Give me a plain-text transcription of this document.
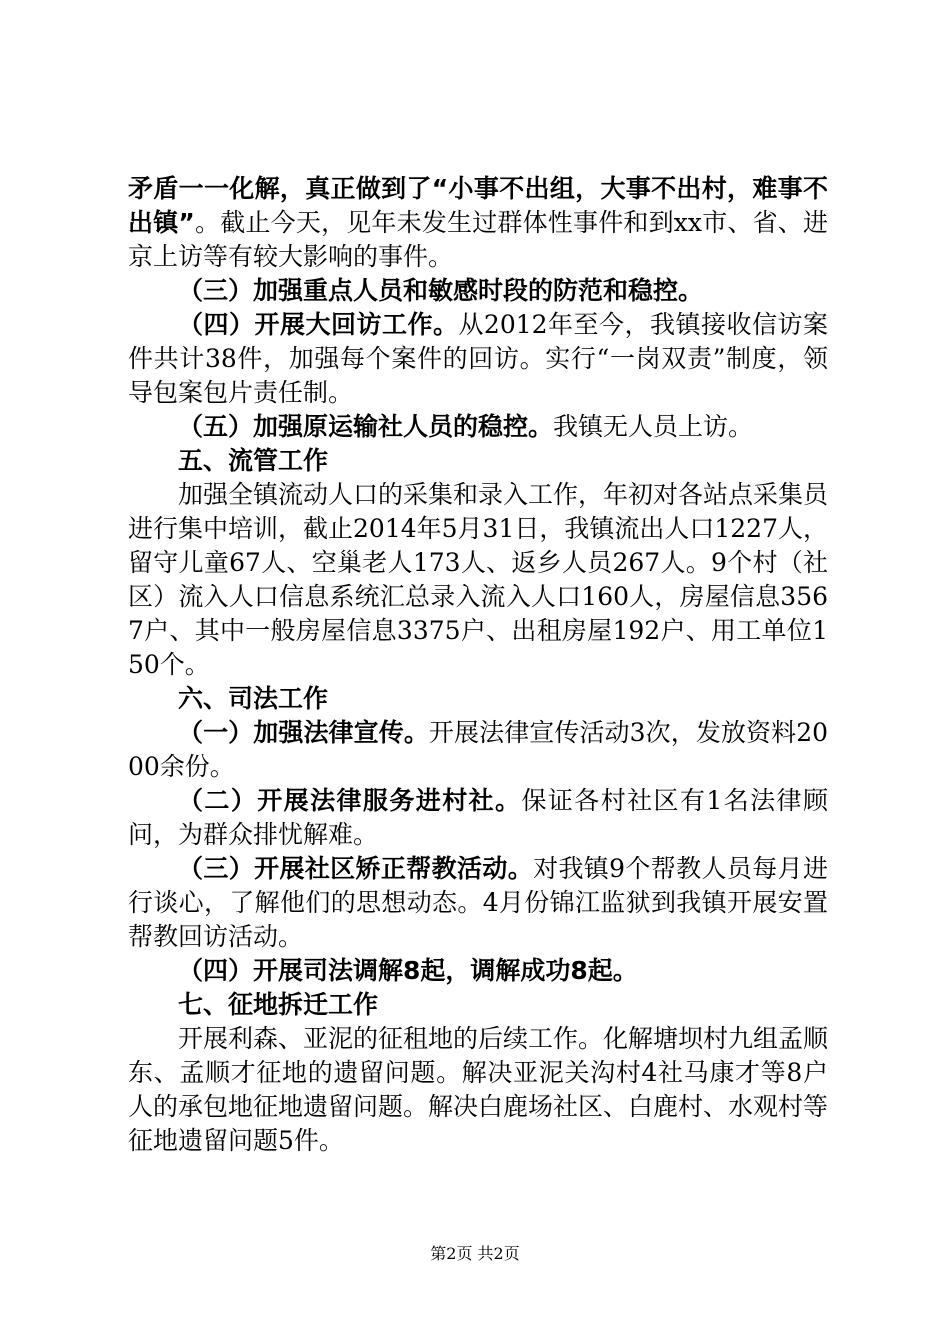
矛盾一一化解，真正做到了“小事不出组，大事不出村，难事不出镇”。截止今天，见年未发生过群体性事件和到xx市、省、进京上访等有较大影响的事件。

（三）加强重点人员和敏感时段的防范和稳控。

（四）开展大回访工作。从2012年至今，我镇接收信访案件共计38件，加强每个案件的回访。实行“一岗双责”制度，领导包案包片责任制。

（五）加强原运输社人员的稳控。我镇无人员上访。

五、流管工作

加强全镇流动人口的采集和录入工作，年初对各站点采集员进行集中培训，截止2014年5月31日，我镇流出人口1227人，留守儿童67人、空巢老人173人、返乡人员267人。9个村（社区）流入人口信息系统汇总录入流入人口160人，房屋信息3567户、其中一般房屋信息3375户、出租房屋192户、用工单位150个。

六、司法工作

（一）加强法律宣传。开展法律宣传活动3次，发放资料2000余份。

（二）开展法律服务进村社。保证各村社区有1名法律顾问，为群众排忧解难。

（三）开展社区矫正帮教活动。对我镇9个帮教人员每月进行谈心，了解他们的思想动态。4月份锦江监狱到我镇开展安置帮教回访活动。

（四）开展司法调解8起，调解成功8起。

七、征地拆迁工作

开展利森、亚泥的征租地的后续工作。化解塘坝村九组孟顺东、孟顺才征地的遗留问题。解决亚泥关沟村4社马康才等8户人的承包地征地遗留问题。解决白鹿场社区、白鹿村、水观村等征地遗留问题5件。

第2页 共2页
